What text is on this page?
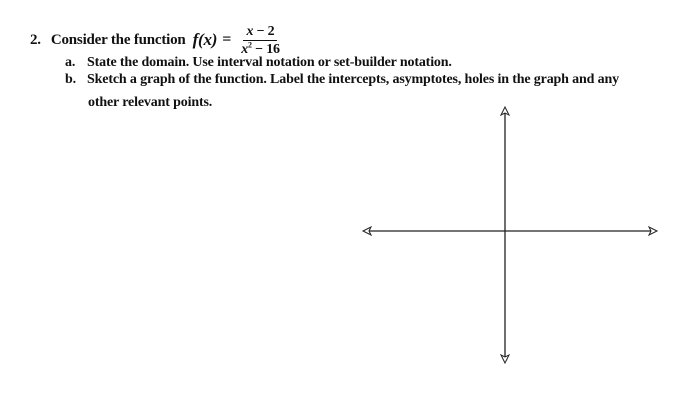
2. Consider the function $f(x) = \frac{x - 2}{x^2 - 16}$
a. State the domain. Use interval notation or set-builder notation.
b. Sketch a graph of the function. Label the intercepts, asymptotes, holes in the graph and any
other relevant points.
